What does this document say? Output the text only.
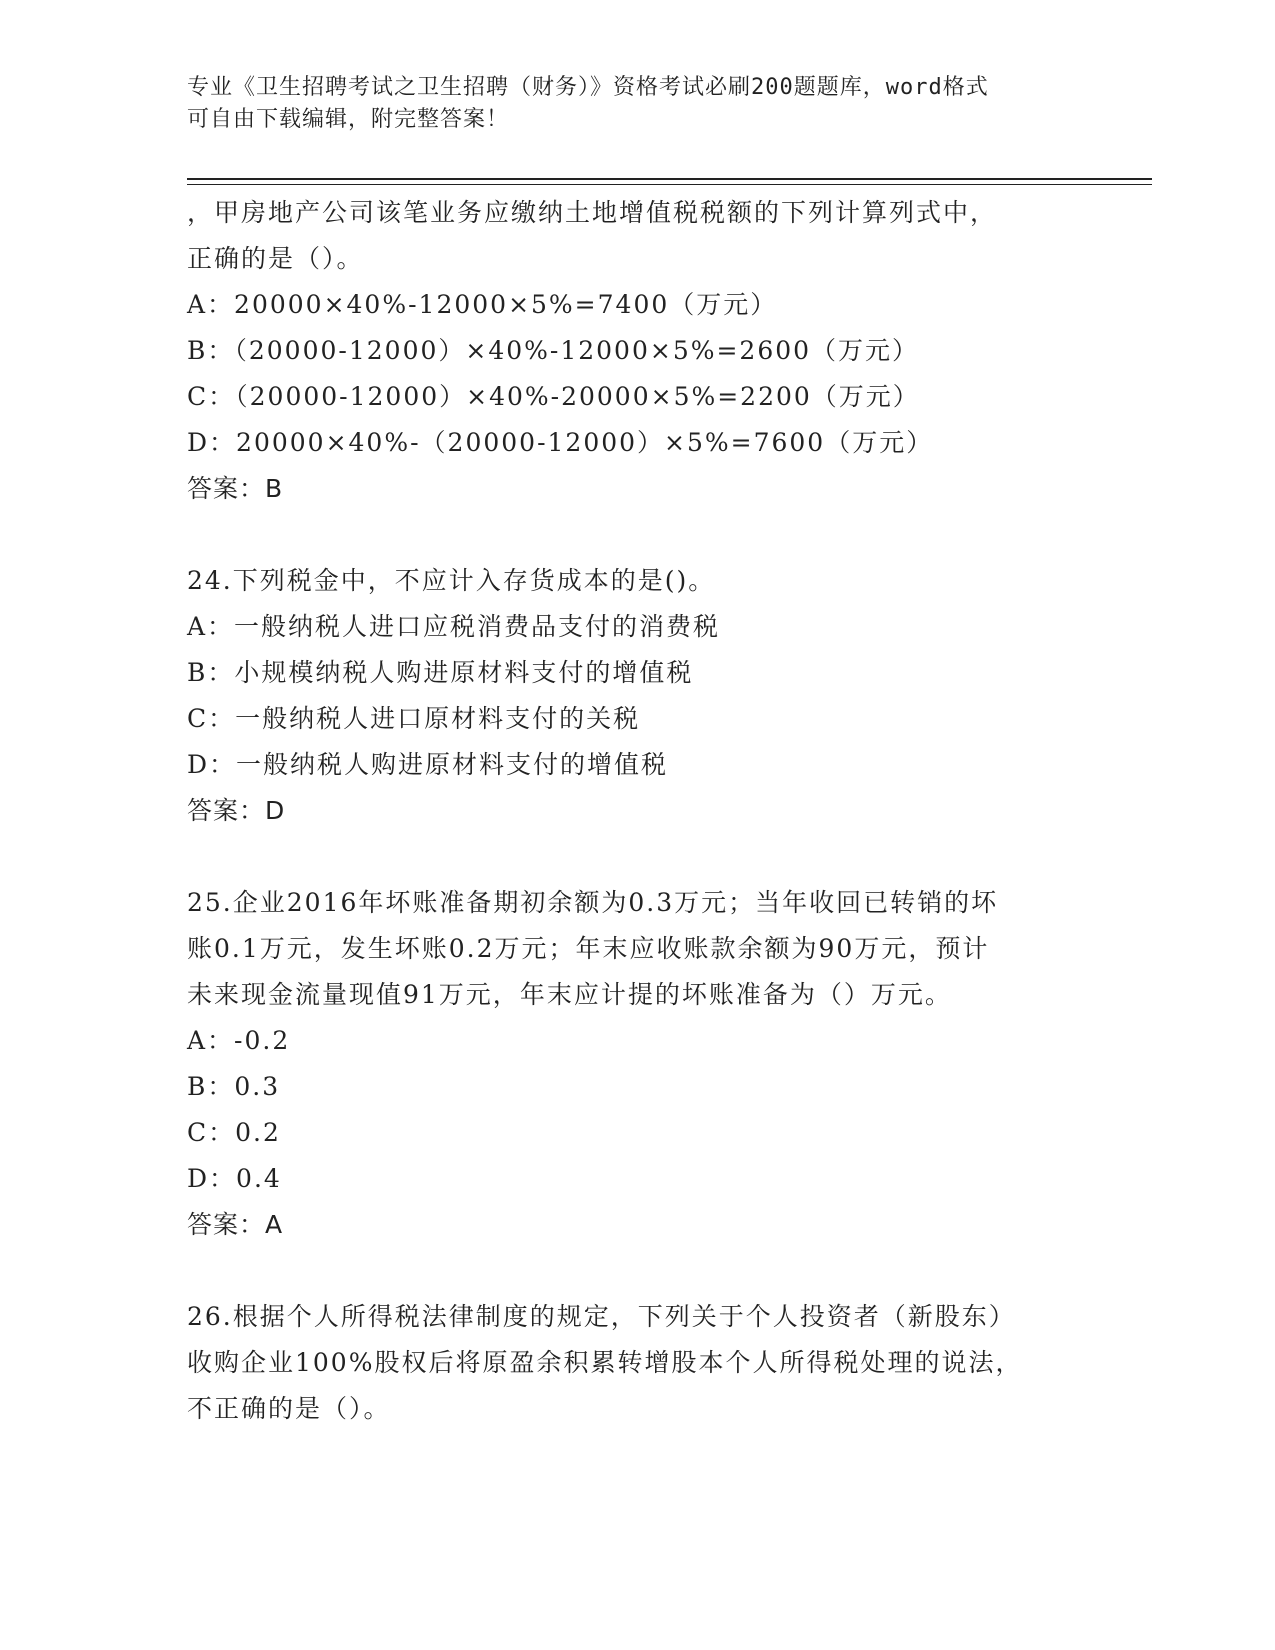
专业《卫生招聘考试之卫生招聘（财务）》资格考试必刷200题题库，word格式
可自由下载编辑，附完整答案！
，甲房地产公司该笔业务应缴纳土地增值税税额的下列计算列式中，
正确的是（）。
A：20000×40%-12000×5%=7400（万元）
B：（20000-12000）×40%-12000×5%=2600（万元）
C：（20000-12000）×40%-20000×5%=2200（万元）
D：20000×40%-（20000-12000）×5%=7600（万元）
答案：B
24.下列税金中，不应计入存货成本的是()。
A：一般纳税人进口应税消费品支付的消费税
B：小规模纳税人购进原材料支付的增值税
C：一般纳税人进口原材料支付的关税
D：一般纳税人购进原材料支付的增值税
答案：D
25.企业2016年坏账准备期初余额为0.3万元；当年收回已转销的坏
账0.1万元，发生坏账0.2万元；年末应收账款余额为90万元，预计
未来现金流量现值91万元，年末应计提的坏账准备为（）万元。
A：-0.2
B：0.3
C：0.2
D：0.4
答案：A
26.根据个人所得税法律制度的规定，下列关于个人投资者（新股东）
收购企业100%股权后将原盈余积累转增股本个人所得税处理的说法，
不正确的是（）。
